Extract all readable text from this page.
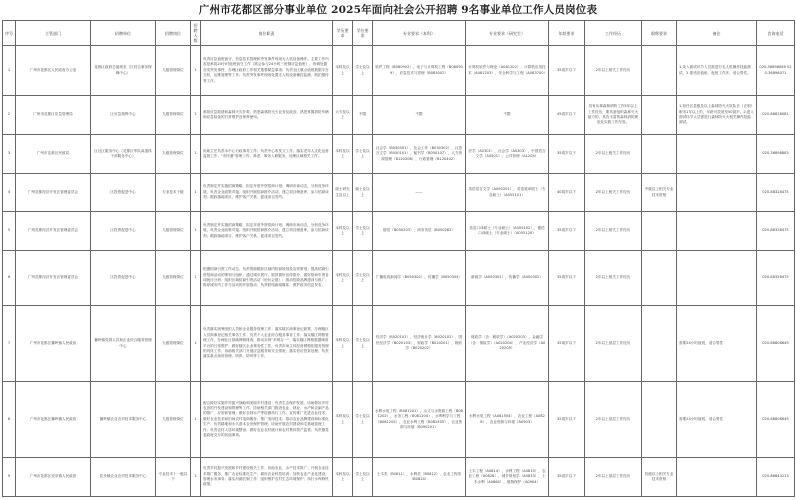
广州市花都区部分事业单位 2025年面向社会公开招聘 9名事业单位工作人员岗位表
序号	主管部门	招聘单位	招聘岗位	招聘人数	岗位职责	学历要求	学位要求	专业要求（本科）	专业要求（研究生）	年龄要求	工作经历	职称要求	备注	咨询电话
1	广州市花都区人民政府办公室	花都区政府总值班室（区综合事务保障中心）	九级管理岗位	1	负责应急值班值守，信息技术管理和突发事件现场无人机设备操作。主要工作内容是承担24小时值班值守工作（需会参与24小时三班倒应急值班），协调处置各类突发事件，办理区政府工作相关重要紧急事项；负责全区重点值班数据平台分析，运维管理等工作；负责突发事件现场处置无人机设备操控监测、航拍图传等工作。	本科及以上	学士及以上	软件工程（B080902），电子与计算机工程（B080909），应急技术与管理（B083002）	计算机软件与理论（A081202），计算机应用技术（A081203），安全科学与工程（A083700）	35周岁以下	2年以上相关工作经历		1.录入面试环节人员需进行无人机操作技能测试。2.需适应值班、夜班工作多、适合男性。	020-36898069 020-36898071
2	广州市花都区应急管理局	区应急指挥中心	九级管理岗位	1	承担应急救援和森林火灾扑救，熟悉森林防灭火业务及政治，熟悉掌握消防车辆和应急装备的日常维护及保养使用。	大专及以上	不限	不限	不限	45周岁以下	具有从事森林消防工作5年以上工作经历，要具备组织森林灭火能力的，具有丰富的森林消防理论及实践工作经验。		1.担任区县级及以上森林防灭火队队长（正职）职务1年以上的，年龄可放宽至50周岁。2.进入面试环节人员需进行森林防灭火相关操作技能测试。	020-86828081
3	广州市花都区民政局	区社区服务中心（花都区军队离退休干部服务中心）	九级管理岗位	1	协助主任负责本中心行政事务工作；负责中心收发文工作；落实老年人文化运营监督工作；"市民通"管理工作；养老、事务入职服务，处理区域相关工作。	本科及以上	学士及以上	社会学（B030301），社会工作（B030302），汉语言文学（B050101），秘书学（B050107），人力资源管理（B120206），行政管理（B120402）	法学（A0301），社会学（A0303），中国语言文学（A0501），公共管理（A1204）	35周岁以下	2年以上相关工作经历			020-36898883
4	广州花都经济开发区管理委员会	区投资促进中心	专业技术十级	1	负责制定并实施招商策略，拟定年度外资招商计划；调研市场动态，分析竞争环境，负责企业政策对接；组织开展招商推介活动，建立项目储备库，参与招商谈判；跟踪落地项目，维护客户关系，促成项目签约。	硕士研究生及以上	硕士及以上	——	英语语言文学（A050201），英语笔译硕士（专业硕士）（A055101）	40周岁以下	2年以上相关工作经历	中级以上相关专业技术资格		020-88328475
5	广州花都经济开发区管理委员会	区投资促进中心	九级管理岗位	1	负责制定并实施招商策略，拟定年度外资招商计划；调研市场动态，分析竞争环境，负责企业政策对接；组织开展招商推介活动，建立项目储备库，参与招商谈判；跟踪落地项目，维护客户关系，促成项目签约。	本科及以上	学士及以上	德语（B050203），商务英语（B050262）	英语口译硕士（专业硕士）（A055102），德语口译硕士（专业硕士）（A055120）	35周岁以下	2年以上相关工作经历			020-88328475
6	广州花都经济开发区管理委员会	区投资促进中心	九级管理岗位	1	把握招商引资工作动态，负责资源跟踪区域内招商规划及宣传策划；提高招商引资招商活动的策划与组织；通过城市展厅、展馆做好宣传推介；做好招商引资各项统计分析；组织区域招商引资活动（论坛会展）；推动招商品牌建设与推广；推荐城市内工作与活动的开展推动；负责联络新闻媒体，维护政务信息发布。	本科及以上	学士及以上	广播电视新闻学（B050302），传播学（B050304）	新闻学（A050301），传播学（A050302）	35周岁以下	2年以上相关工作经历			020-88328475
7	广州市花都区狮岭镇人民政府	狮岭镇党群人员和企业综合服务管理中心	九级管理岗位	1	负责落实统筹组织人员和企业服务管理工作；落实辖区商事登记政策，办理辖区人员商事登记相关事务工作；负责个人企业综合服务事务工作；落实镇区网格管理工作，办理社区基础网格排查，推动实现"多网合一"；落实辖区网格数据调度平台的日常维护；做好辖区企业事务性工作，负责市场主体经营网格化服务管理的具体工作；协助相关部门开展应急服务和安全排查；落实信访投诉处理；负责落实重点场所管理、防汛、防风等工作。	本科及以上	学士及以上	经济学（B020101），经济统计学（B020102），国民经济学（B020103），财政学（B020201），税收学（B020202）	财政学（含：税收学）（A020203），金融学（含：保险学）（A020204），产业经济学（A020205）	35周岁以下	2年以上基层工作经历		需要24小时值班，适合男性	020-86806649
8	广州市花都区狮岭镇人民政府	狮岭镇农业农村技术服务中心	九级管理岗位	1	配合做好实施乡村振兴战略和美丽乡村建设；负责生态保护发展，协助做好乡村农田的开发建设和管理等工作；协助相关部门推进农业、林业、水产和农副产品的推广、应用和管理；做好农林水产等检测执行工作；宣传推广先进农业技术；做好农业技术和田间农村电商服务；推广适用技术；推动农业品牌建设和标准化生产；负责耕地和永久基本农田保护管理；协助开展农村建设和宅基地管理工作；负责农村人居环境整治；做好农业农村统计和农村集体资产监管；负责镇党委政府交办的其他事项。	本科及以上	学士及以上	水利水电工程（B081201），水文与水资源工程（B081202），水务工程（B081204），水利科学与工程（B081205），农业水利工程（B082405），农业资源与环境（B090201）	水利水电工程（A081504），农业工程（A0828），农业资源与环境（A0903）	35周岁以下	2年以上基层工作经历		需要24小时值班，适合男性	020-86806649
9	广州市花都区炭步镇人民政府	炭步镇农业农村技术服务中心	专业技术十一级以下	1	负责乡村振兴发展和乡村建设相关工作；协助农业、水产技术推广；开展农业技术推广服务，推广农业标准化生产；做好农业科技培训；加快农业产业化建设；管理水务事务；落实河湖长制工作；组织维护农村生态环境保护；执行水库移民政策。	本科及以上	学士及以上	土木类（B0811），水利类（B0812），农业工程类（B0824）	土木工程（A0814），水利工程（A0815），农业工程（A0828），城乡规划学（A0833），土木水利（A0864），植物保护（A0904）	35周岁以下	2年以上基层工作经历	初级以上相关专业技术资格		020-86843213
